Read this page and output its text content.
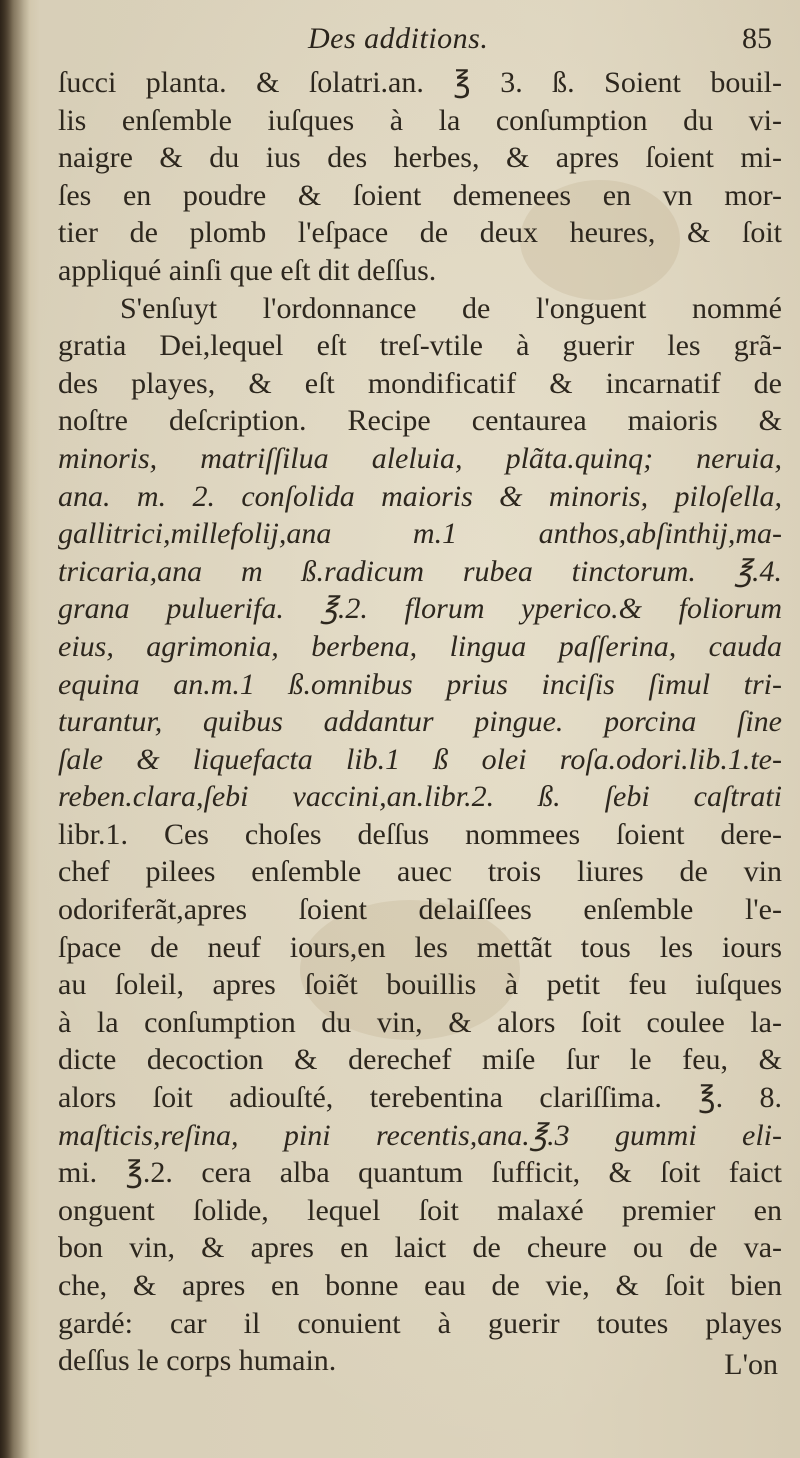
Des additions.	85
ſucci planta. & ſolatri.an. ℥ 3. ß. Soient bouil-
lis enſemble iuſques à la conſumption du vi-
naigre & du ius des herbes, & apres ſoient mi-
ſes en poudre & ſoient demenees en vn mor-
tier de plomb l'eſpace de deux heures, & ſoit
appliqué ainſi que eſt dit deſſus.
S'enſuyt l'ordonnance de l'onguent nommé
gratia Dei,lequel eſt treſ-vtile à guerir les grã-
des playes, & eſt mondificatif & incarnatif de
noſtre deſcription. Recipe centaurea maioris &
minoris, matriſſilua aleluia, plãta.quinq; neruia,
ana. m. 2. conſolida maioris & minoris, piloſella,
gallitrici,millefolij,ana m.1 anthos,abſinthij,ma-
tricaria,ana m ß.radicum rubea tinctorum. ℥.4.
grana puluerifa. ℥.2. florum yperico.& foliorum
eius, agrimonia, berbena, lingua paſſerina, cauda
equina an.m.1 ß.omnibus prius inciſis ſimul tri-
turantur, quibus addantur pingue. porcina ſine
ſale & liquefacta lib.1 ß olei roſa.odori.lib.1.te-
reben.clara,ſebi vaccini,an.libr.2. ß. ſebi caſtrati
libr.1. Ces choſes deſſus nommees ſoient dere-
chef pilees enſemble auec trois liures de vin
odoriferãt,apres ſoient delaiſſees enſemble l'e-
ſpace de neuf iours,en les mettãt tous les iours
au ſoleil, apres ſoiẽt bouillis à petit feu iuſques
à la conſumption du vin, & alors ſoit coulee la-
dicte decoction & derechef miſe ſur le feu, &
alors ſoit adiouſté, terebentina clariſſima. ℥. 8.
maſticis,reſina, pini recentis,ana.℥.3 gummi eli-
mi. ℥.2. cera alba quantum ſufficit, & ſoit faict
onguent ſolide, lequel ſoit malaxé premier en
bon vin, & apres en laict de cheure ou de va-
che, & apres en bonne eau de vie, & ſoit bien
gardé: car il conuient à guerir toutes playes
deſſus le corps humain.	L'on
